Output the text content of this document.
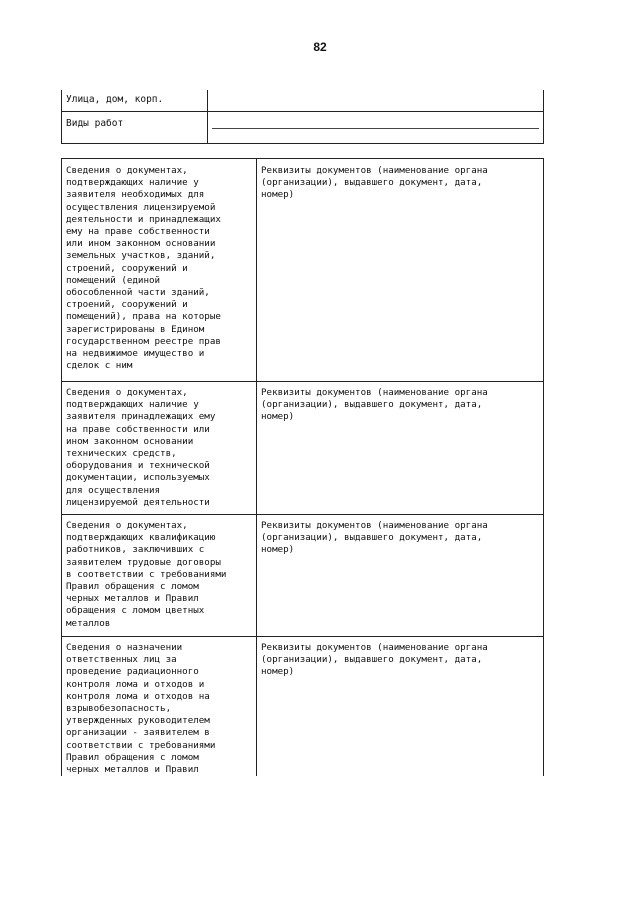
82
Улица, дом, корп.
Виды работ
Сведения о документах,
подтверждающих наличие у
заявителя необходимых для
осуществления лицензируемой
деятельности и принадлежащих
ему на праве собственности
или ином законном основании
земельных участков, зданий,
строений, сооружений и
помещений (единой
обособленной части зданий,
строений, сооружений и
помещений), права на которые
зарегистрированы в Едином
государственном реестре прав
на недвижимое имущество и
сделок с ним
Реквизиты документов (наименование органа
(организации), выдавшего документ, дата,
номер)
Сведения о документах,
подтверждающих наличие у
заявителя принадлежащих ему
на праве собственности или
ином законном основании
технических средств,
оборудования и технической
документации, используемых
для осуществления
лицензируемой деятельности
Реквизиты документов (наименование органа
(организации), выдавшего документ, дата,
номер)
Сведения о документах,
подтверждающих квалификацию
работников, заключивших с
заявителем трудовые договоры
в соответствии с требованиями
Правил обращения с ломом
черных металлов и Правил
обращения с ломом цветных
металлов
Реквизиты документов (наименование органа
(организации), выдавшего документ, дата,
номер)
Сведения о назначении
ответственных лиц за
проведение радиационного
контроля лома и отходов и
контроля лома и отходов на
взрывобезопасность,
утвержденных руководителем
организации - заявителем в
соответствии с требованиями
Правил обращения с ломом
черных металлов и Правил
Реквизиты документов (наименование органа
(организации), выдавшего документ, дата,
номер)
